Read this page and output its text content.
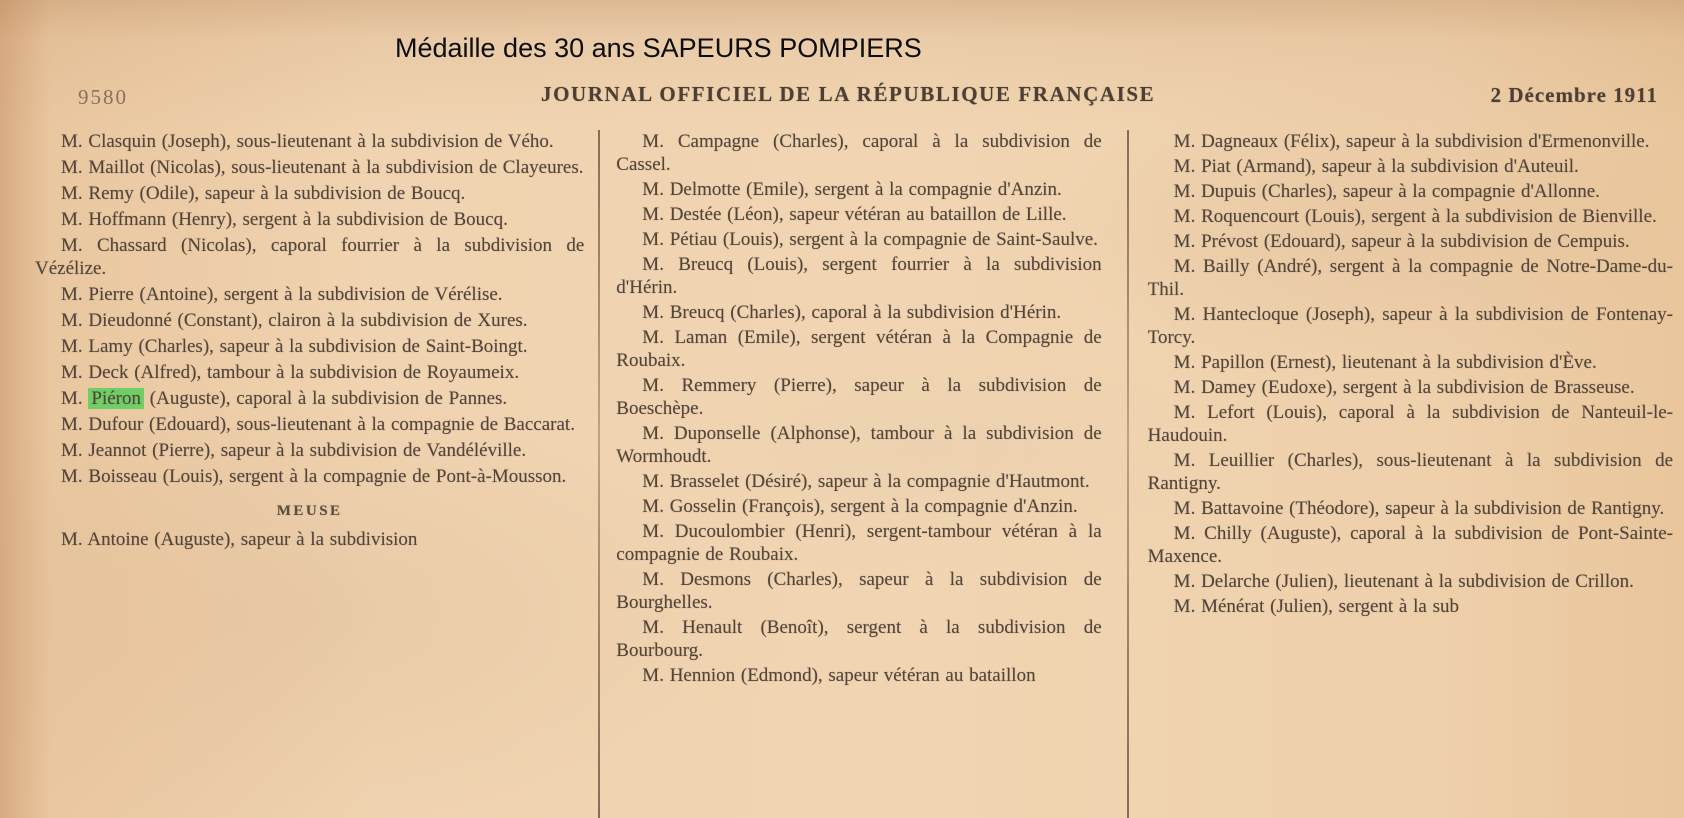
Médaille des 30 ans SAPEURS POMPIERS
9580	JOURNAL OFFICIEL DE LA RÉPUBLIQUE FRANÇAISE	2 Décembre 1911

M. Clasquin (Joseph), sous-lieutenant à la subdivision de Vého.

M. Maillot (Nicolas), sous-lieutenant à la subdivision de Clayeures.

M. Remy (Odile), sapeur à la subdivision de Boucq.

M. Hoffmann (Henry), sergent à la subdivision de Boucq.

M. Chassard (Nicolas), caporal fourrier à la subdivision de Vézélize.

M. Pierre (Antoine), sergent à la subdivision de Vérélise.

M. Dieudonné (Constant), clairon à la subdivision de Xures.

M. Lamy (Charles), sapeur à la subdivision de Saint-Boingt.

M. Deck (Alfred), tambour à la subdivision de Royaumeix.

M. Piéron (Auguste), caporal à la subdivision de Pannes.

M. Dufour (Edouard), sous-lieutenant à la compagnie de Baccarat.

M. Jeannot (Pierre), sapeur à la subdivision de Vandéléville.

M. Boisseau (Louis), sergent à la compagnie de Pont-à-Mousson.

MEUSE

M. Antoine (Auguste), sapeur à la subdivision

M. Campagne (Charles), caporal à la subdivision de Cassel.

M. Delmotte (Emile), sergent à la compagnie d'Anzin.

M. Destée (Léon), sapeur vétéran au bataillon de Lille.

M. Pétiau (Louis), sergent à la compagnie de Saint-Saulve.

M. Breucq (Louis), sergent fourrier à la subdivision d'Hérin.

M. Breucq (Charles), caporal à la subdivision d'Hérin.

M. Laman (Emile), sergent vétéran à la Compagnie de Roubaix.

M. Remmery (Pierre), sapeur à la subdivision de Boeschèpe.

M. Duponselle (Alphonse), tambour à la subdivision de Wormhoudt.

M. Brasselet (Désiré), sapeur à la compagnie d'Hautmont.

M. Gosselin (François), sergent à la compagnie d'Anzin.

M. Ducoulombier (Henri), sergent-tambour vétéran à la compagnie de Roubaix.

M. Desmons (Charles), sapeur à la subdivision de Bourghelles.

M. Henault (Benoît), sergent à la subdivision de Bourbourg.

M. Hennion (Edmond), sapeur vétéran au bataillon

M. Dagneaux (Félix), sapeur à la subdivision d'Ermenonville.

M. Piat (Armand), sapeur à la subdivision d'Auteuil.

M. Dupuis (Charles), sapeur à la compagnie d'Allonne.

M. Roquencourt (Louis), sergent à la subdivision de Bienville.

M. Prévost (Edouard), sapeur à la subdivision de Cempuis.

M. Bailly (André), sergent à la compagnie de Notre-Dame-du-Thil.

M. Hantecloque (Joseph), sapeur à la subdivision de Fontenay-Torcy.

M. Papillon (Ernest), lieutenant à la subdivision d'Ève.

M. Damey (Eudoxe), sergent à la subdivision de Brasseuse.

M. Lefort (Louis), caporal à la subdivision de Nanteuil-le-Haudouin.

M. Leuillier (Charles), sous-lieutenant à la subdivision de Rantigny.

M. Battavoine (Théodore), sapeur à la subdivision de Rantigny.

M. Chilly (Auguste), caporal à la subdivision de Pont-Sainte-Maxence.

M. Delarche (Julien), lieutenant à la subdivision de Crillon.

M. Ménérat (Julien), sergent à la sub
